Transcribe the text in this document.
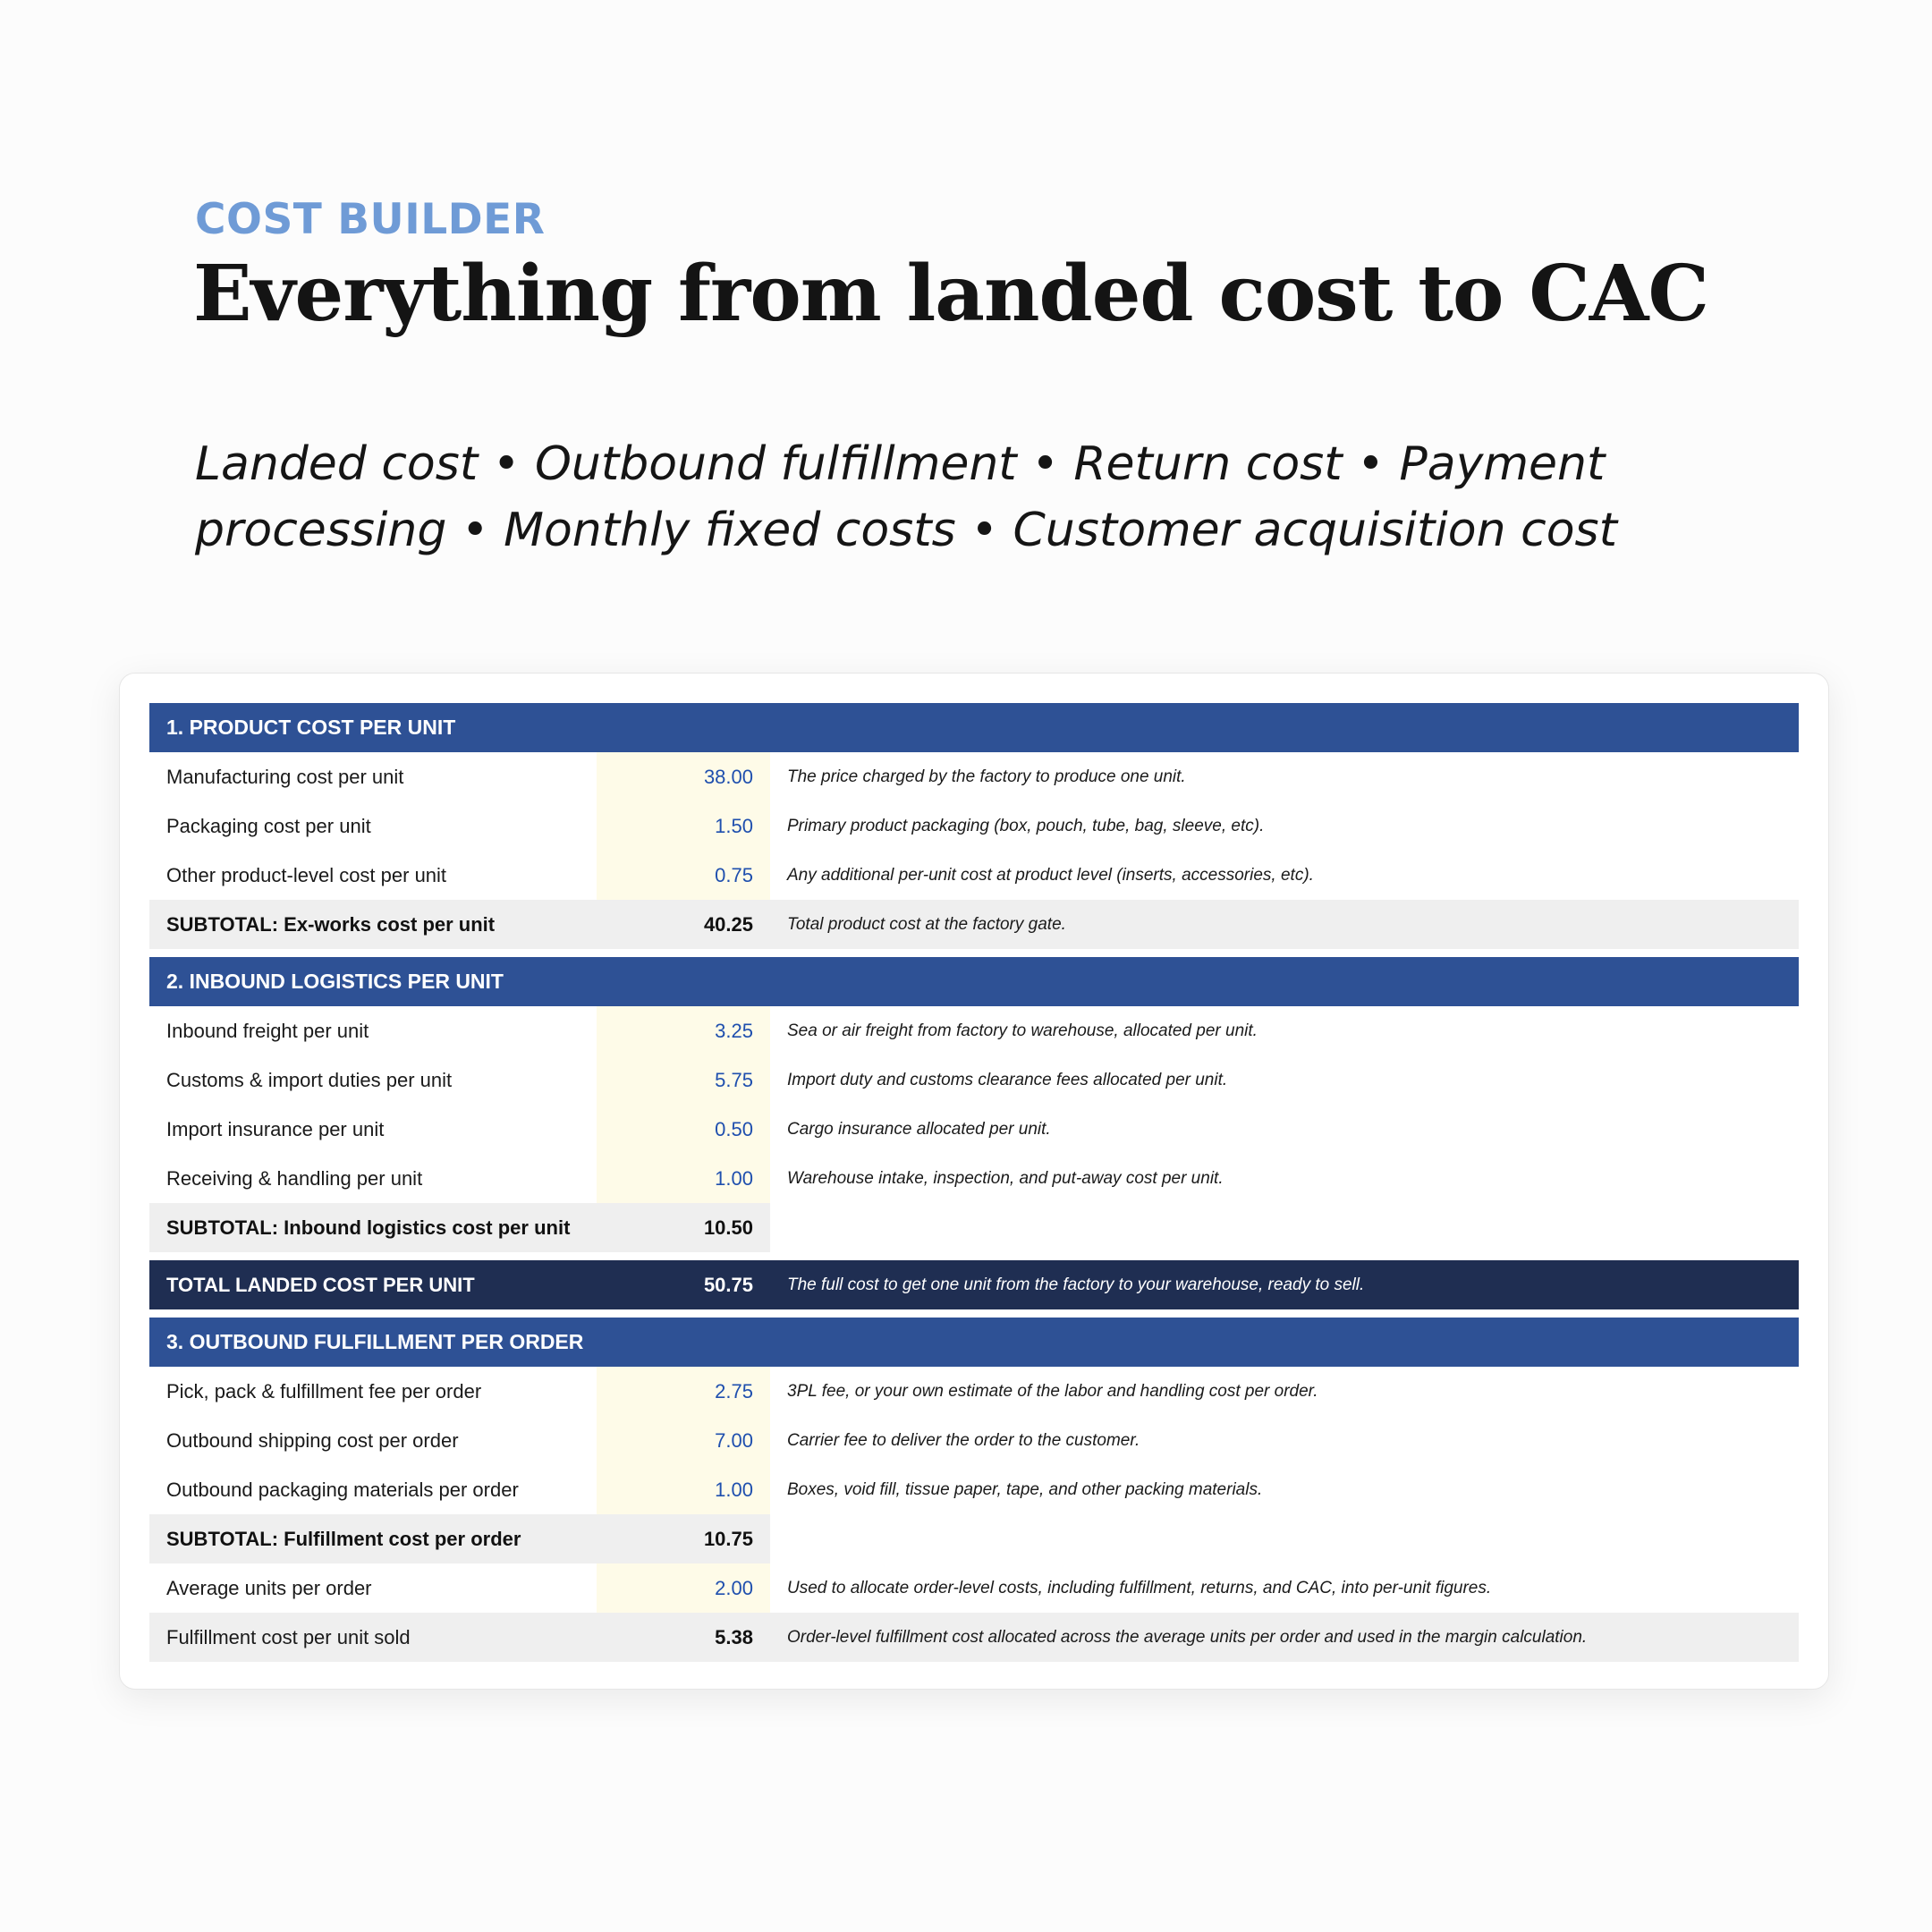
COST BUILDER
Everything from landed cost to CAC
Landed cost • Outbound fulfillment • Return cost • Payment processing • Monthly fixed costs • Customer acquisition cost
1. PRODUCT COST PER UNIT
Manufacturing cost per unit	38.00	The price charged by the factory to produce one unit.
Packaging cost per unit	1.50	Primary product packaging (box, pouch, tube, bag, sleeve, etc).
Other product-level cost per unit	0.75	Any additional per-unit cost at product level (inserts, accessories, etc).
SUBTOTAL: Ex-works cost per unit	40.25	Total product cost at the factory gate.
2. INBOUND LOGISTICS PER UNIT
Inbound freight per unit	3.25	Sea or air freight from factory to warehouse, allocated per unit.
Customs & import duties per unit	5.75	Import duty and customs clearance fees allocated per unit.
Import insurance per unit	0.50	Cargo insurance allocated per unit.
Receiving & handling per unit	1.00	Warehouse intake, inspection, and put-away cost per unit.
SUBTOTAL: Inbound logistics cost per unit	10.50
TOTAL LANDED COST PER UNIT	50.75	The full cost to get one unit from the factory to your warehouse, ready to sell.
3. OUTBOUND FULFILLMENT PER ORDER
Pick, pack & fulfillment fee per order	2.75	3PL fee, or your own estimate of the labor and handling cost per order.
Outbound shipping cost per order	7.00	Carrier fee to deliver the order to the customer.
Outbound packaging materials per order	1.00	Boxes, void fill, tissue paper, tape, and other packing materials.
SUBTOTAL: Fulfillment cost per order	10.75
Average units per order	2.00	Used to allocate order-level costs, including fulfillment, returns, and CAC, into per-unit figures.
Fulfillment cost per unit sold	5.38	Order-level fulfillment cost allocated across the average units per order and used in the margin calculation.
